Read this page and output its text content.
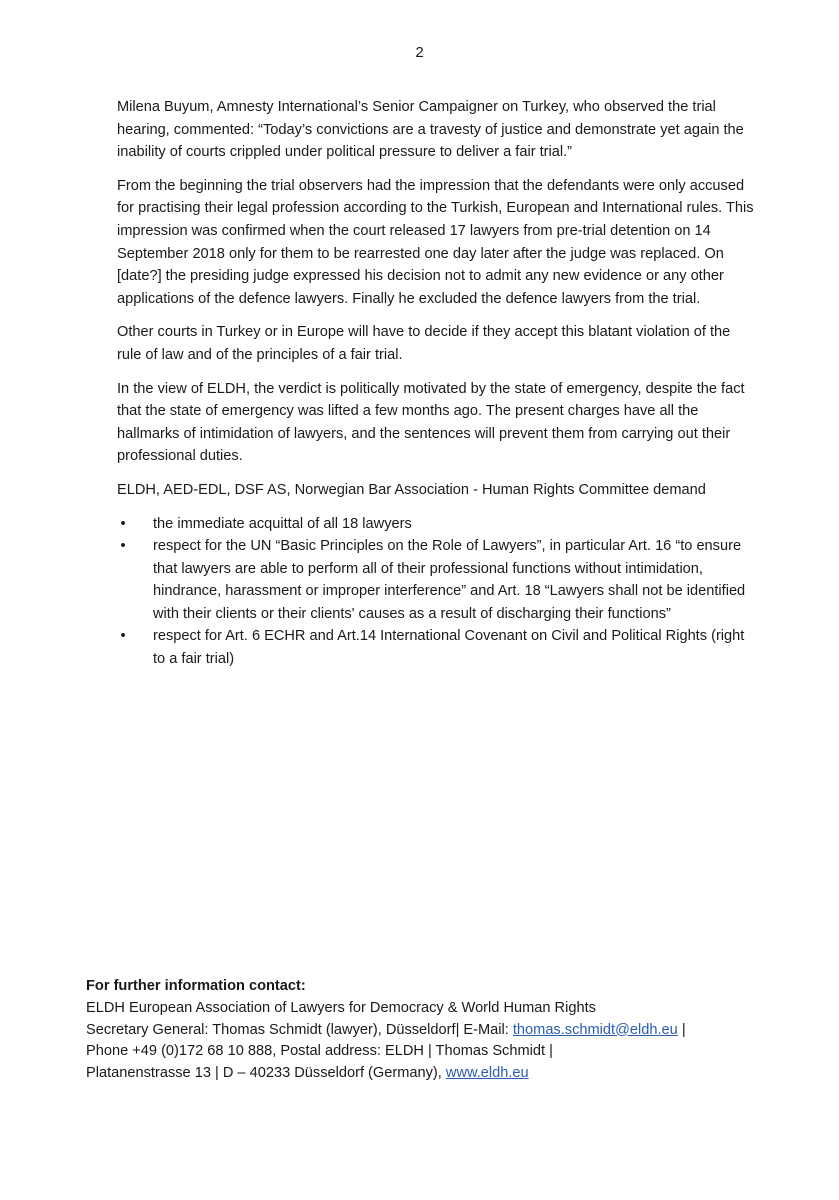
2

Milena Buyum, Amnesty International’s Senior Campaigner on Turkey, who observed the trial hearing, commented: “Today’s convictions are a travesty of justice and demonstrate yet again the inability of courts crippled under political pressure to deliver a fair trial.”

From the beginning the trial observers had the impression that the defendants were only accused for practising their legal profession according to the Turkish, European and International rules. This impression was confirmed when the court released 17 lawyers from pre-trial detention on 14 September 2018 only for them to be rearrested one day later after the judge was replaced. On [date?] the presiding judge expressed his decision not to admit any new evidence or any other applications of the defence lawyers. Finally he excluded the defence lawyers from the trial.

Other courts in Turkey or in Europe will have to decide if they accept this blatant violation of the rule of law and of the principles of a fair trial.

In the view of ELDH, the verdict is politically motivated by the state of emergency, despite the fact that the state of emergency was lifted a few months ago. The present charges have all the hallmarks of intimidation of lawyers, and the sentences will prevent them from carrying out their professional duties.

ELDH, AED-EDL, DSF AS, Norwegian Bar Association - Human Rights Committee demand

• the immediate acquittal of all 18 lawyers
• respect for the UN “Basic Principles on the Role of Lawyers”, in particular Art. 16 “to ensure that lawyers are able to perform all of their professional functions without intimidation, hindrance, harassment or improper interference” and Art. 18 “Lawyers shall not be identified with their clients or their clients' causes as a result of discharging their functions”
• respect for Art. 6 ECHR and Art.14 International Covenant on Civil and Political Rights (right to a fair trial)
For further information contact:
ELDH European Association of Lawyers for Democracy & World Human Rights
Secretary General: Thomas Schmidt (lawyer), Düsseldorf| E-Mail: thomas.schmidt@eldh.eu |
Phone +49 (0)172 68 10 888, Postal address: ELDH | Thomas Schmidt |
Platanenstrasse 13 | D – 40233 Düsseldorf (Germany), www.eldh.eu
